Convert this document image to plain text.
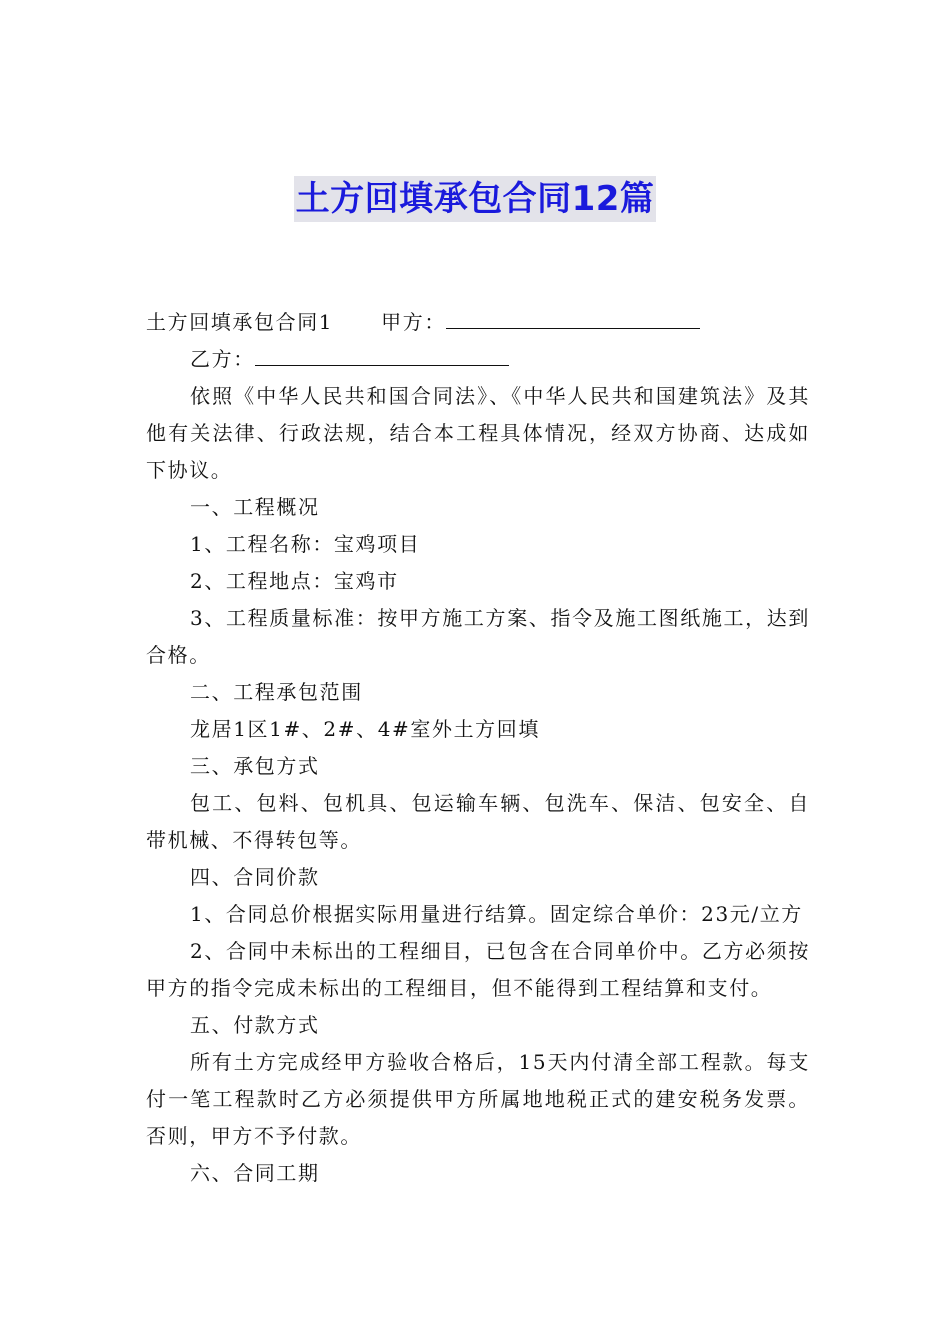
土方回填承包合同12篇

土方回填承包合同1 甲方：

乙方：

依照《中华人民共和国合同法》、《中华人民共和国建筑法》及其他有关法律、行政法规，结合本工程具体情况，经双方协商、达成如下协议。

一、工程概况

1、工程名称：宝鸡项目

2、工程地点：宝鸡市

3、工程质量标准：按甲方施工方案、指令及施工图纸施工，达到合格。

二、工程承包范围

龙居1区1#、2#、4#室外土方回填

三、承包方式

包工、包料、包机具、包运输车辆、包洗车、保洁、包安全、自带机械、不得转包等。

四、合同价款

1、合同总价根据实际用量进行结算。固定综合单价：23元/立方

2、合同中未标出的工程细目，已包含在合同单价中。乙方必须按甲方的指令完成未标出的工程细目，但不能得到工程结算和支付。

五、付款方式

所有土方完成经甲方验收合格后，15天内付清全部工程款。每支付一笔工程款时乙方必须提供甲方所属地地税正式的建安税务发票。否则，甲方不予付款。

六、合同工期
